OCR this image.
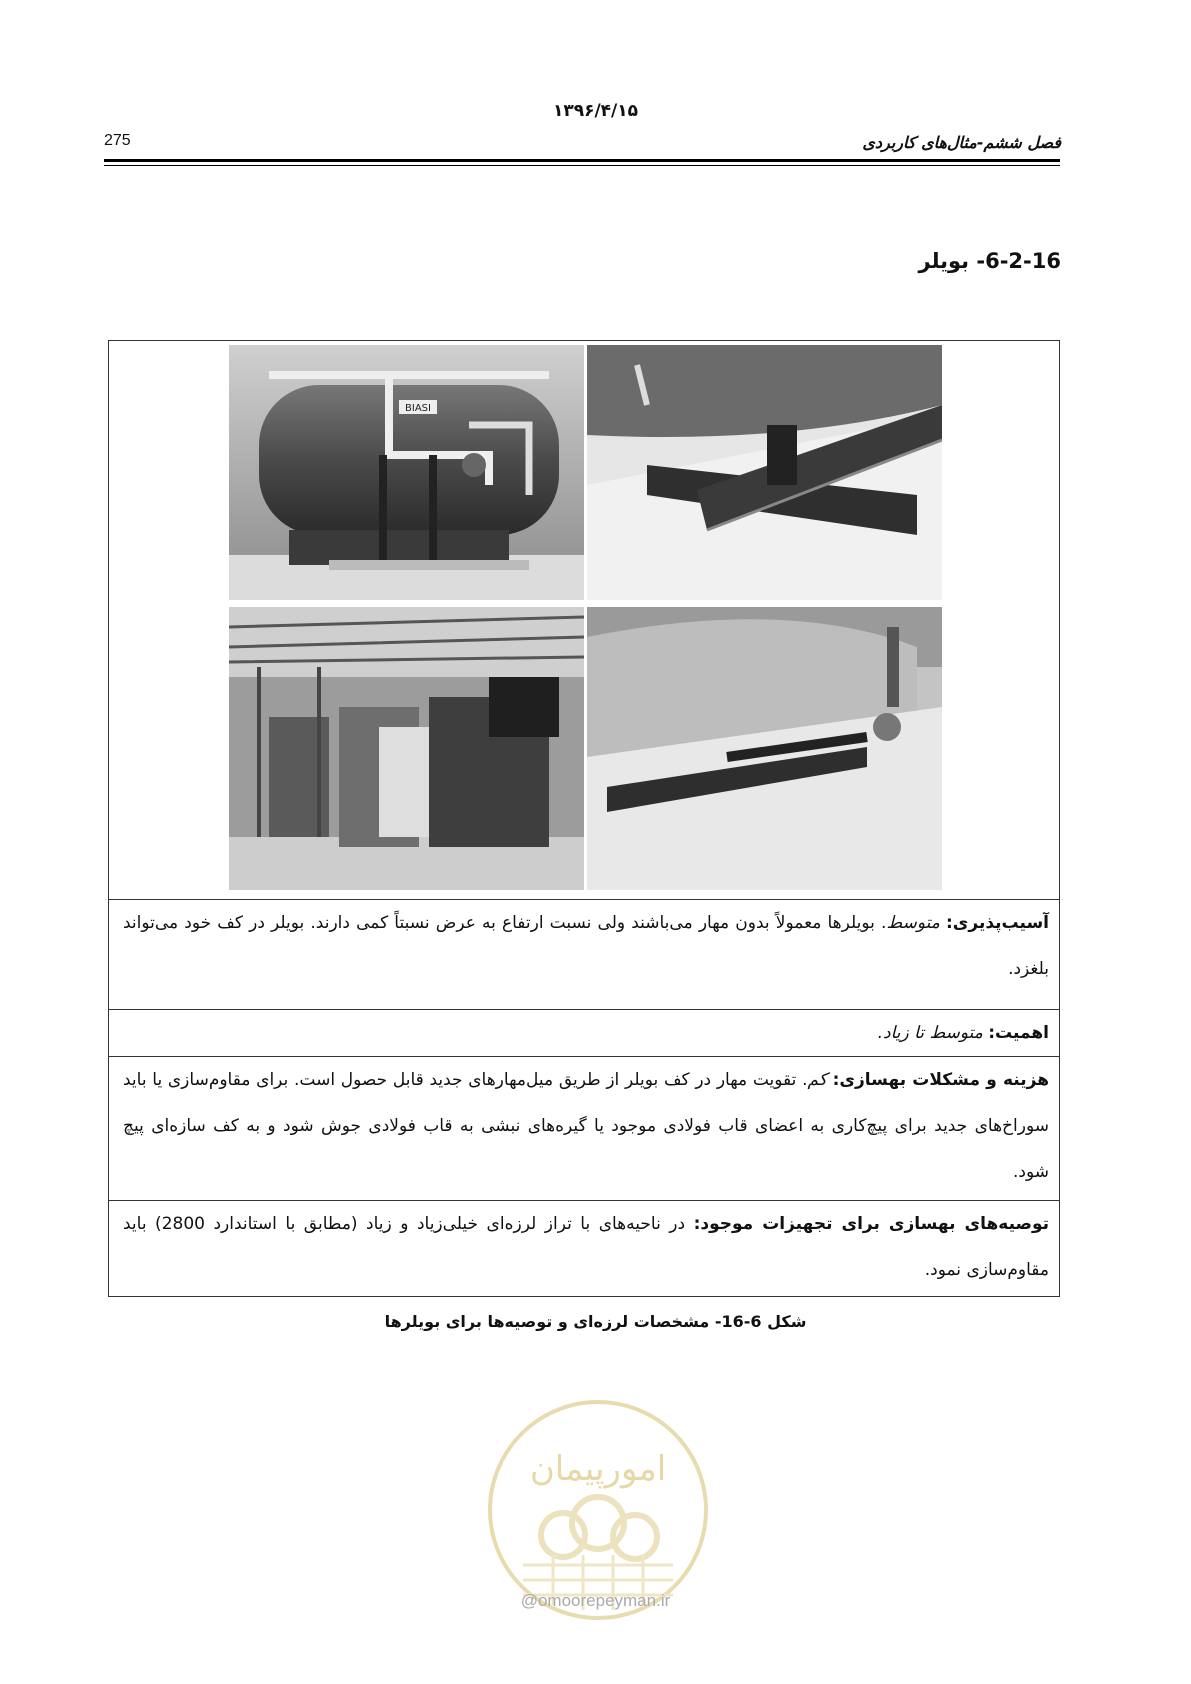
۱۳۹۶/۴/۱۵
275	فصل ششم-مثال‌های کاربردی
6-2-16- بویلر
آسیب‌پذیری: متوسط. بویلرها معمولاً بدون مهار می‌باشند ولی نسبت ارتفاع به عرض نسبتاً کمی دارند. بویلر در کف خود می‌تواند بلغزد.
اهمیت: متوسط تا زیاد.
هزینه و مشکلات بهسازی: کم. تقویت مهار در کف بویلر از طریق میل‌مهارهای جدید قابل حصول است. برای مقاوم‌سازی یا باید سوراخ‌های جدید برای پیچ‌کاری به اعضای قاب فولادی موجود یا گیره‌های نبشی به قاب فولادی جوش شود و به کف سازه‌ای پیچ شود.
توصیه‌های بهسازی برای تجهیزات موجود: در ناحیه‌های با تراز لرزه‌ای خیلی‌زیاد و زیاد (مطابق با استاندارد 2800) باید مقاوم‌سازی نمود.
BIASI
شکل 6-16- مشخصات لرزه‌ای و توصیه‌ها برای بویلرها
امورپیمان
@omoorepeyman.ir
